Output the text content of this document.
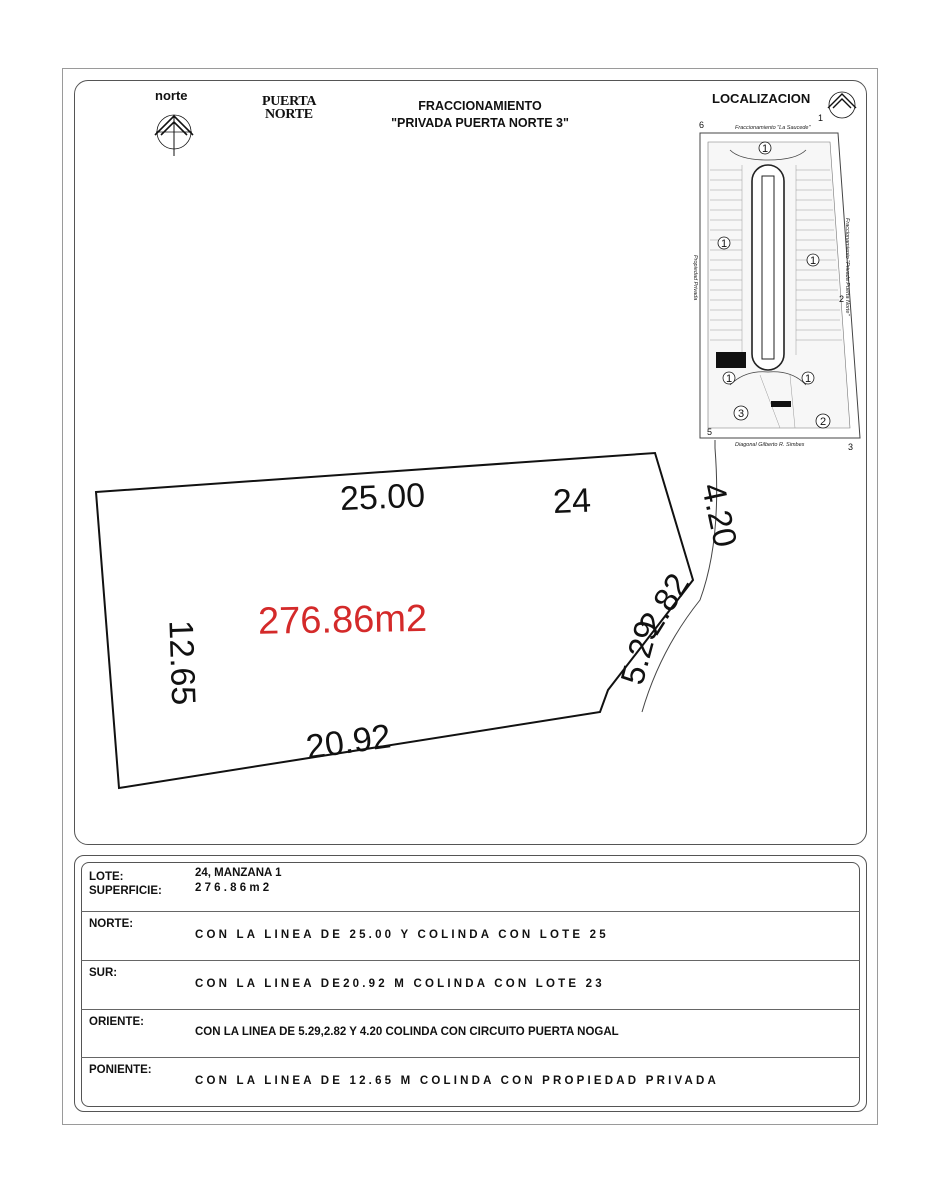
norte	PUERTA
NORTE
FRACCIONAMIENTO
"PRIVADA PUERTA NORTE 3"
LOCALIZACION
1
1
1
1	1
2
3
6
1
2
3
5
Fraccionamiento "La Saucede"
Diagonal Gilberto R. Simbes
Propiedad Privada	Fraccionamiento "Privada Puerta Norte"
25.00	24
12.65
20.92
4.20
2.82
5.29
276.86m2
LOTE:	24, MANZANA 1
SUPERFICIE:	2 7 6 . 8 6 m 2
NORTE:
CON LA LINEA DE 25.00 Y COLINDA CON LOTE 25
SUR:
CON LA LINEA DE20.92 M COLINDA CON LOTE 23
ORIENTE:
CON LA LINEA DE 5.29,2.82 Y 4.20 COLINDA CON CIRCUITO PUERTA NOGAL
PONIENTE:
CON LA LINEA DE 12.65 M COLINDA CON PROPIEDAD PRIVADA
